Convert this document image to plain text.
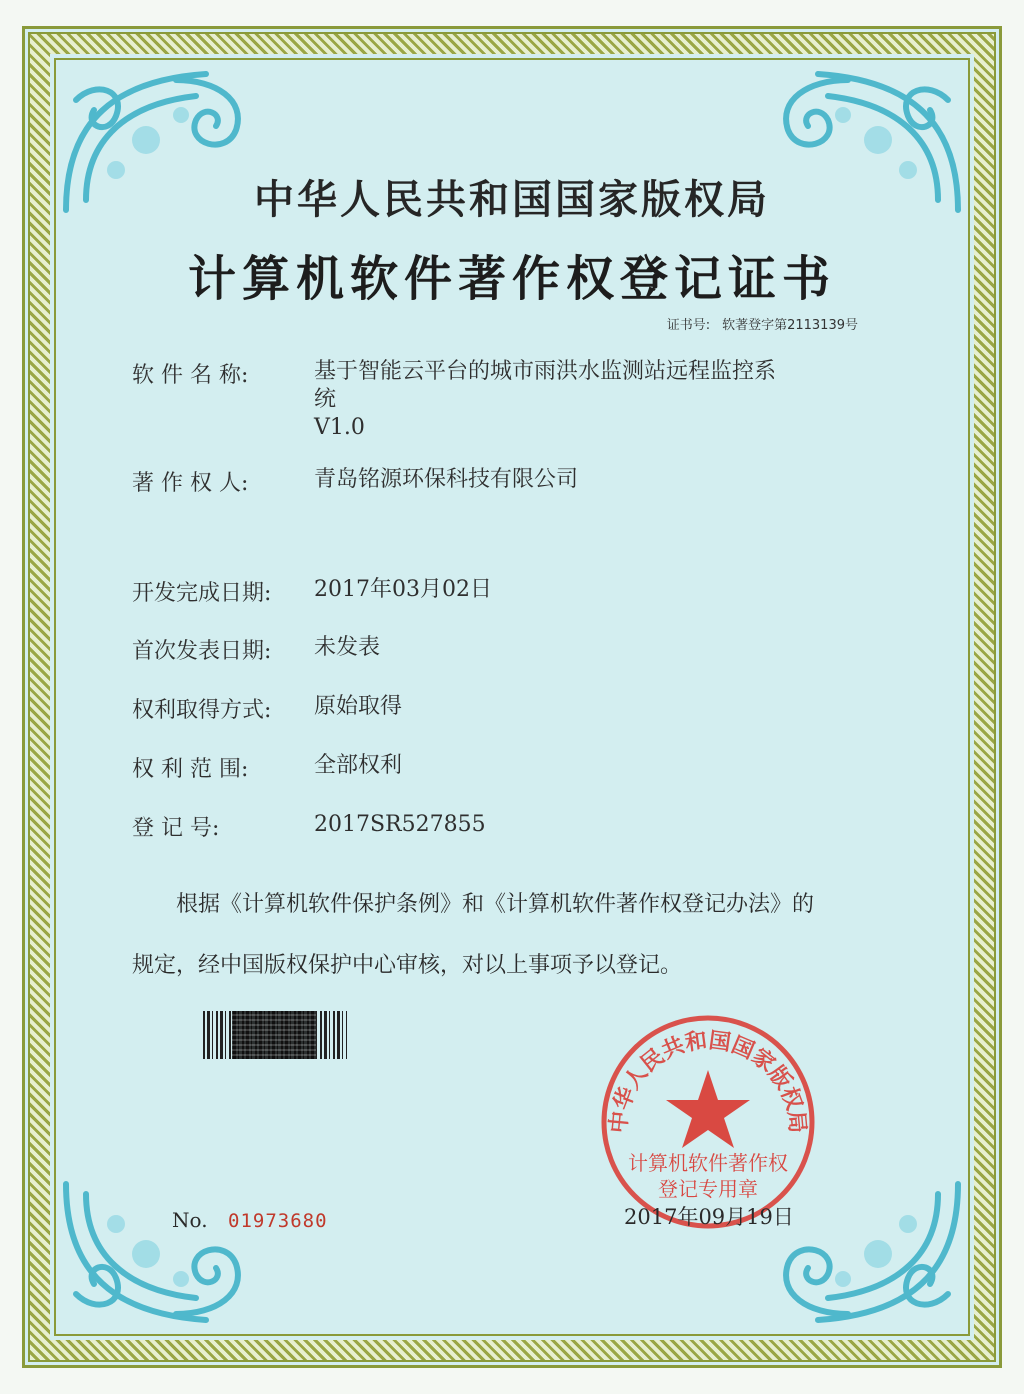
中华人民共和国国家版权局
计算机软件著作权登记证书
证书号: 软著登字第2113139号
软 件 名 称:	基于智能云平台的城市雨洪水监测站远程监控系
统
V1.0
著 作 权 人:	青岛铭源环保科技有限公司
开发完成日期:	2017年03月02日
首次发表日期:	未发表
权利取得方式:	原始取得
权 利 范 围:	全部权利
登 记 号:	2017SR527855
根据《计算机软件保护条例》和《计算机软件著作权登记办法》的
规定，经中国版权保护中心审核，对以上事项予以登记。
中华人民共和国国家版权局
计算机软件著作权
登记专用章
No. 01973680	2017年09月19日
